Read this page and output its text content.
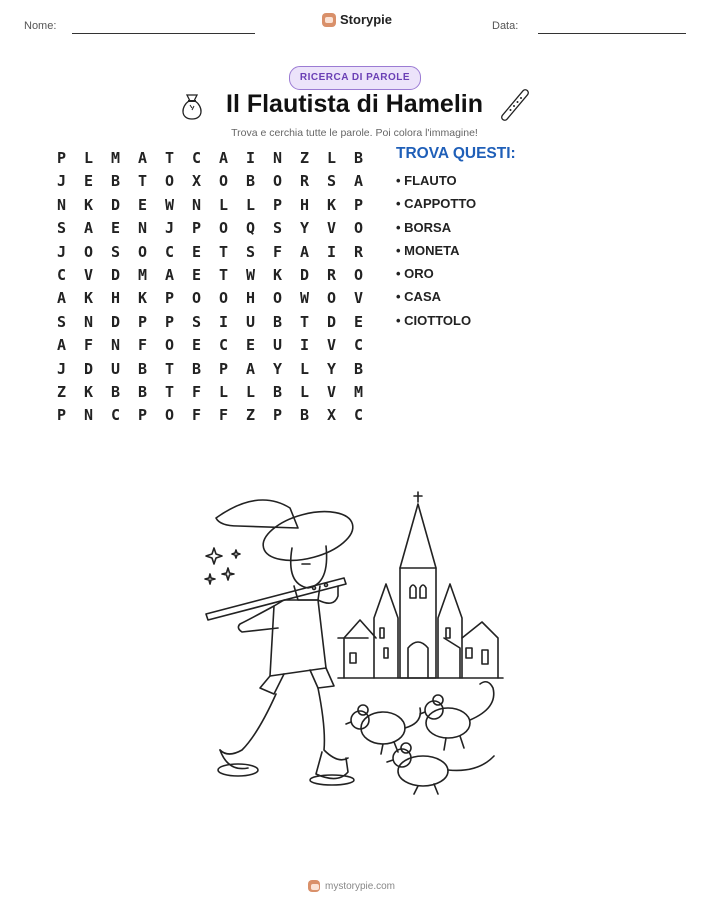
Nome:	Storypie	Data:
RICERCA DI PAROLE
Il Flautista di Hamelin
Trova e cerchia tutte le parole. Poi colora l'immagine!
P	L	M	A	T	C	A	I	N	Z	L	B
J	E	B	T	O	X	O	B	O	R	S	A
N	K	D	E	W	N	L	L	P	H	K	P
S	A	E	N	J	P	O	Q	S	Y	V	O
J	O	S	O	C	E	T	S	F	A	I	R
C	V	D	M	A	E	T	W	K	D	R	O
A	K	H	K	P	O	O	H	O	W	O	V
S	N	D	P	P	S	I	U	B	T	D	E
A	F	N	F	O	E	C	E	U	I	V	C
J	D	U	B	T	B	P	A	Y	L	Y	B
Z	K	B	B	T	F	L	L	B	L	V	M
P	N	C	P	O	F	F	Z	P	B	X	C
TROVA QUESTI:
• FLAUTO
• CAPPOTTO
• BORSA
• MONETA
• ORO
• CASA
• CIOTTOLO
mystorypie.com
